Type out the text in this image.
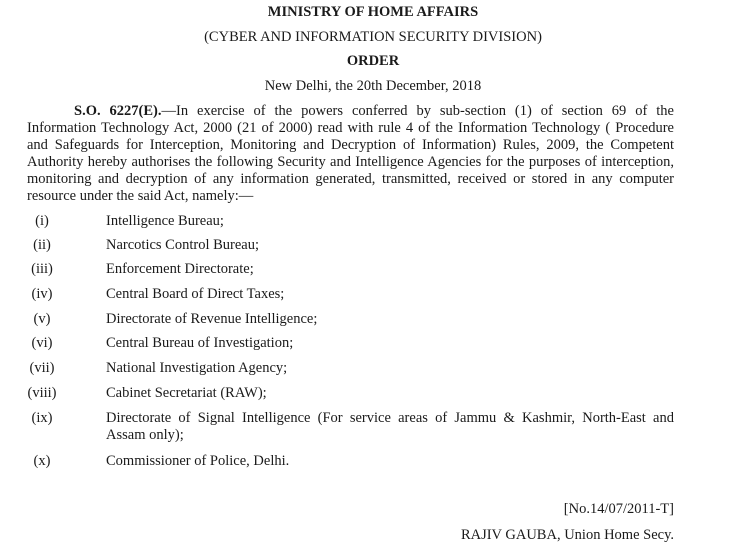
MINISTRY OF HOME AFFAIRS
(CYBER AND INFORMATION SECURITY DIVISION)
ORDER
New Delhi, the 20th December, 2018
S.O. 6227(E).—In exercise of the powers conferred by sub-section (1) of section 69 of the
Information Technology Act, 2000 (21 of 2000) read with rule 4 of the Information Technology ( Procedure
and Safeguards for Interception, Monitoring and Decryption of Information) Rules, 2009, the Competent
Authority hereby authorises the following Security and Intelligence Agencies for the purposes of interception,
monitoring and decryption of any information generated, transmitted, received or stored in any computer
resource under the said Act, namely:—
(i)	Intelligence Bureau;
(ii)	Narcotics Control Bureau;
(iii)	Enforcement Directorate;
(iv)	Central Board of Direct Taxes;
(v)	Directorate of Revenue Intelligence;
(vi)	Central Bureau of Investigation;
(vii)	National Investigation Agency;
(viii)	Cabinet Secretariat (RAW);
(ix)	Directorate of Signal Intelligence (For service areas of Jammu & Kashmir, North-East and
Assam only);
(x)	Commissioner of Police, Delhi.
[No.14/07/2011-T]
RAJIV GAUBA, Union Home Secy.
